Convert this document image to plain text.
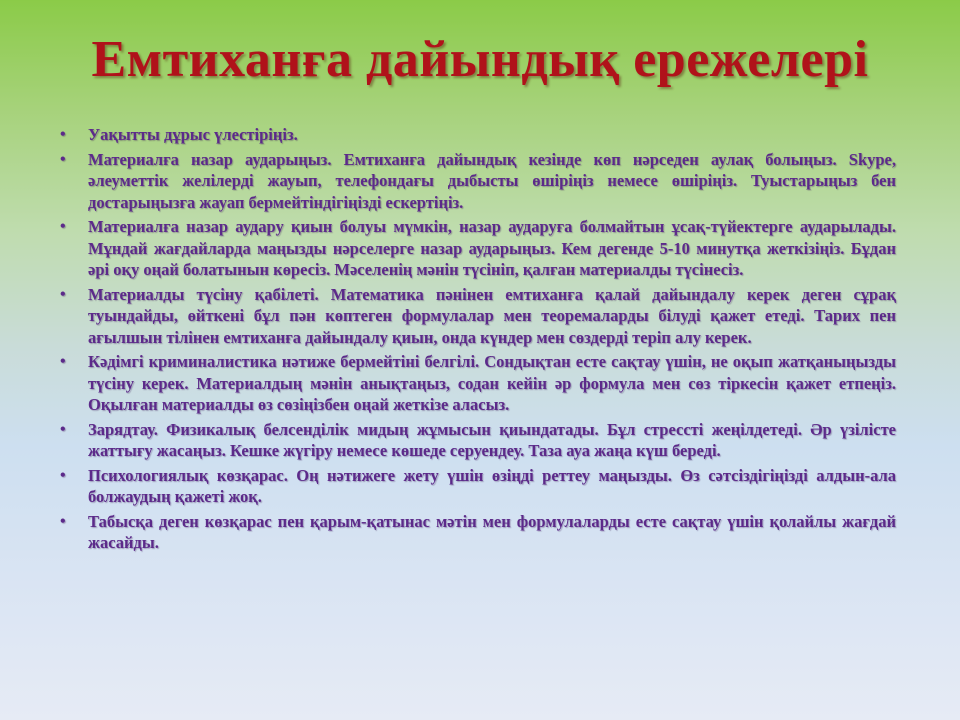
Емтиханға дайындық ережелері
•	Уақытты дұрыс үлестіріңіз.
•	Материалға назар аударыңыз. Емтиханға дайындық кезінде көп нәрседен аулақ болыңыз. Skype, әлеуметтік желілерді жауып, телефондағы дыбысты өшіріңіз немесе өшіріңіз. Туыстарыңыз бен достарыңызға жауап бермейтіндігіңізді ескертіңіз.
•	Материалға назар аудару қиын болуы мүмкін, назар аударуға болмайтын ұсақ-түйектерге аударылады. Мұндай жағдайларда маңызды нәрселерге назар аударыңыз. Кем дегенде 5-10 минутқа жеткізіңіз. Бұдан әрі оқу оңай болатынын көресіз. Мәселенің мәнін түсініп, қалған материалды түсінесіз.
•	Материалды түсіну қабілеті. Математика пәнінен емтиханға қалай дайындалу керек деген сұрақ туындайды, өйткені бұл пән көптеген формулалар мен теоремаларды білуді қажет етеді. Тарих пен ағылшын тілінен емтиханға дайындалу қиын, онда күндер мен сөздерді теріп алу керек.
•	Кәдімгі криминалистика нәтиже бермейтіні белгілі. Сондықтан есте сақтау үшін, не оқып жатқаныңызды түсіну керек. Материалдың мәнін анықтаңыз, содан кейін әр формула мен сөз тіркесін қажет етпеңіз. Оқылған материалды өз сөзіңізбен оңай жеткізе аласыз.
•	Зарядтау. Физикалық белсенділік мидың жұмысын қиындатады. Бұл стрессті жеңілдетеді. Әр үзілісте жаттығу жасаңыз. Кешке жүгіру немесе көшеде серуендеу. Таза ауа жаңа күш береді.
•	Психологиялық көзқарас. Оң нәтижеге жету үшін өзіңді реттеу маңызды. Өз сәтсіздігіңізді алдын-ала болжаудың қажеті жоқ.
•	Табысқа деген көзқарас пен қарым-қатынас мәтін мен формулаларды есте сақтау үшін қолайлы жағдай жасайды.
